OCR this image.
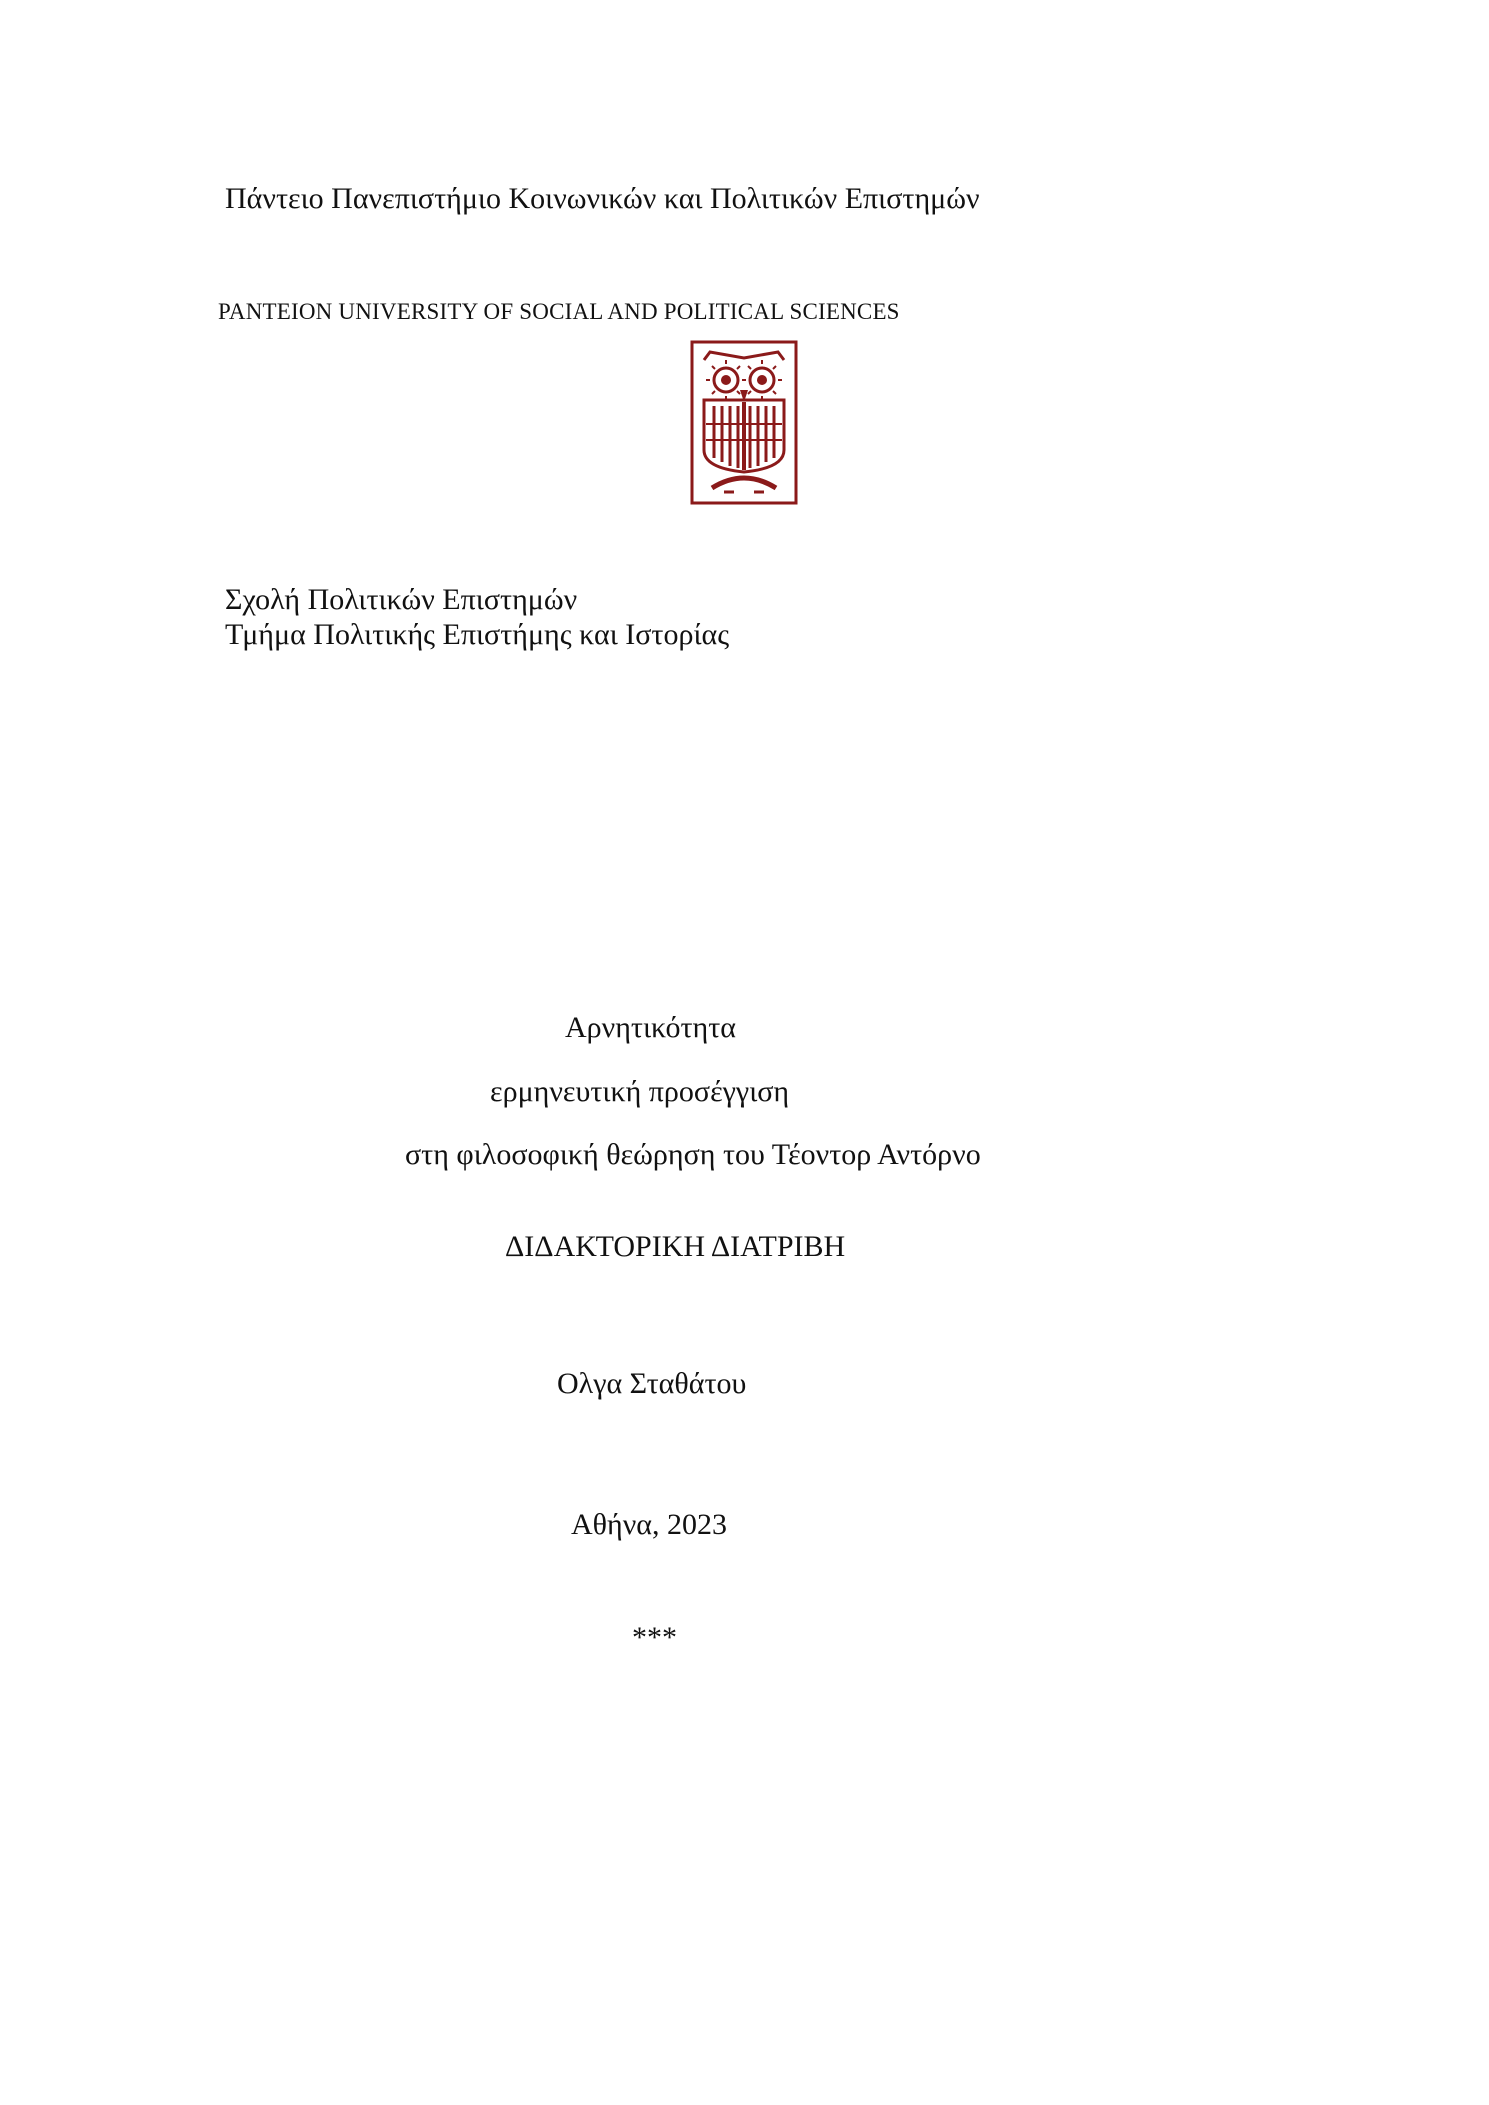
Πάντειο Πανεπιστήμιο Κοινωνικών και Πολιτικών Επιστημών
PANTEION UNIVERSITY OF SOCIAL AND POLITICAL SCIENCES
Σχολή Πολιτικών Επιστημών
Τμήμα Πολιτικής Επιστήμης και Ιστορίας
Αρνητικότητα
ερμηνευτική προσέγγιση
στη φιλοσοφική θεώρηση του Τέοντορ Αντόρνο
ΔΙΔΑΚΤΟΡΙΚΗ ΔΙΑΤΡΙΒΗ
Ολγα Σταθάτου
Αθήνα, 2023
***
